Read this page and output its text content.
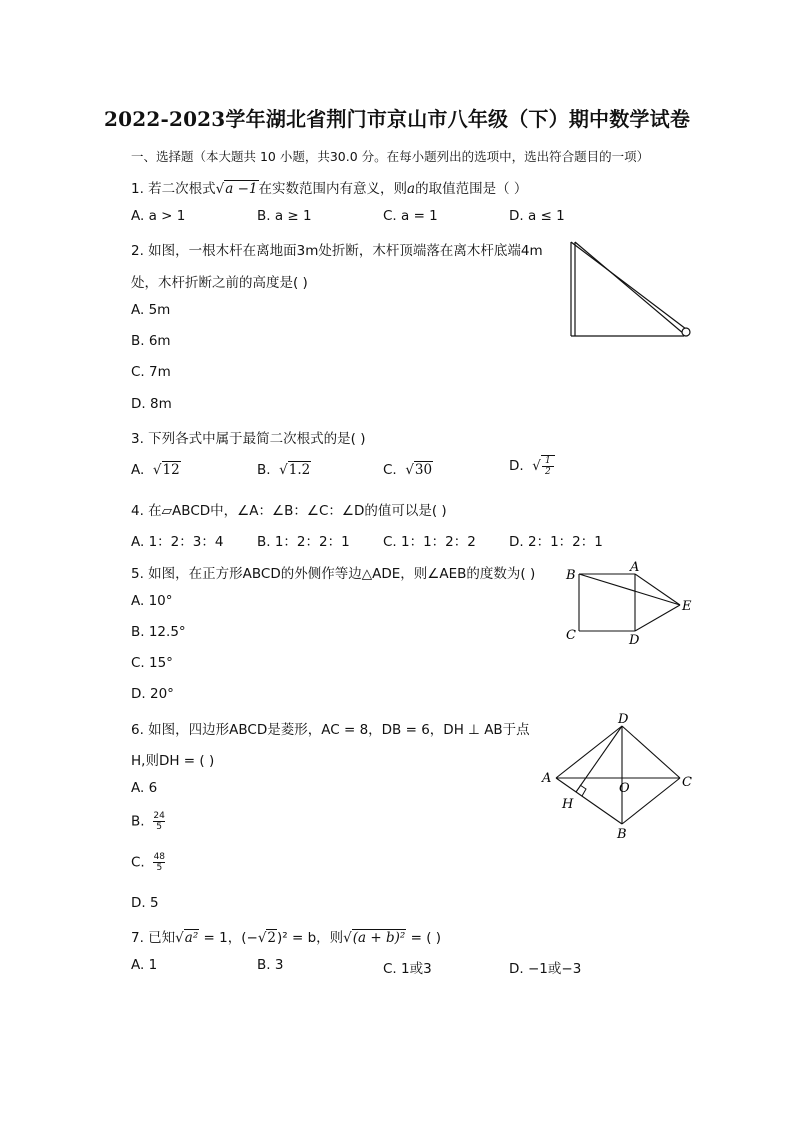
2022-2023学年湖北省荆门市京山市八年级（下）期中数学试卷
一、选择题（本大题共 10 小题，共30.0 分。在每小题列出的选项中，选出符合题目的一项）
1. 若二次根式√a −1在实数范围内有意义，则a的取值范围是（ ）
A. a > 1	B. a ≥ 1	C. a = 1	D. a ≤ 1
2. 如图，一根木杆在离地面3m处折断，木杆顶端落在离木杆底端4m
处，木杆折断之前的高度是( )
A. 5m
B. 6m
C. 7m
D. 8m
3. 下列各式中属于最简二次根式的是( )
A. √12	B. √1.2	C. √30	D. √ $\frac{1}{2}$
4. 在▱ABCD中，∠A：∠B：∠C：∠D的值可以是( )
A. 1：2：3：4 B. 1：2：2：1 C. 1：1：2：2 D. 2：1：2：1
5. 如图，在正方形ABCD的外侧作等边△ADE，则∠AEB的度数为( )
A. 10°
B. 12.5°
C. 15°
D. 20°
B
A
E
C	D
6. 如图，四边形ABCD是菱形，AC = 8，DB = 6，DH ⊥ AB于点
H,则DH = ( )
A. 6
B. $\frac{24}{5}$
C. $\frac{48}{5}$
D. 5
A
D
C
B
H
O
7. 已知√a² = 1，(−√2)² = b，则√(a + b)² = ( )
A. 1	B. 3	C. 1或3	D. −1或−3
